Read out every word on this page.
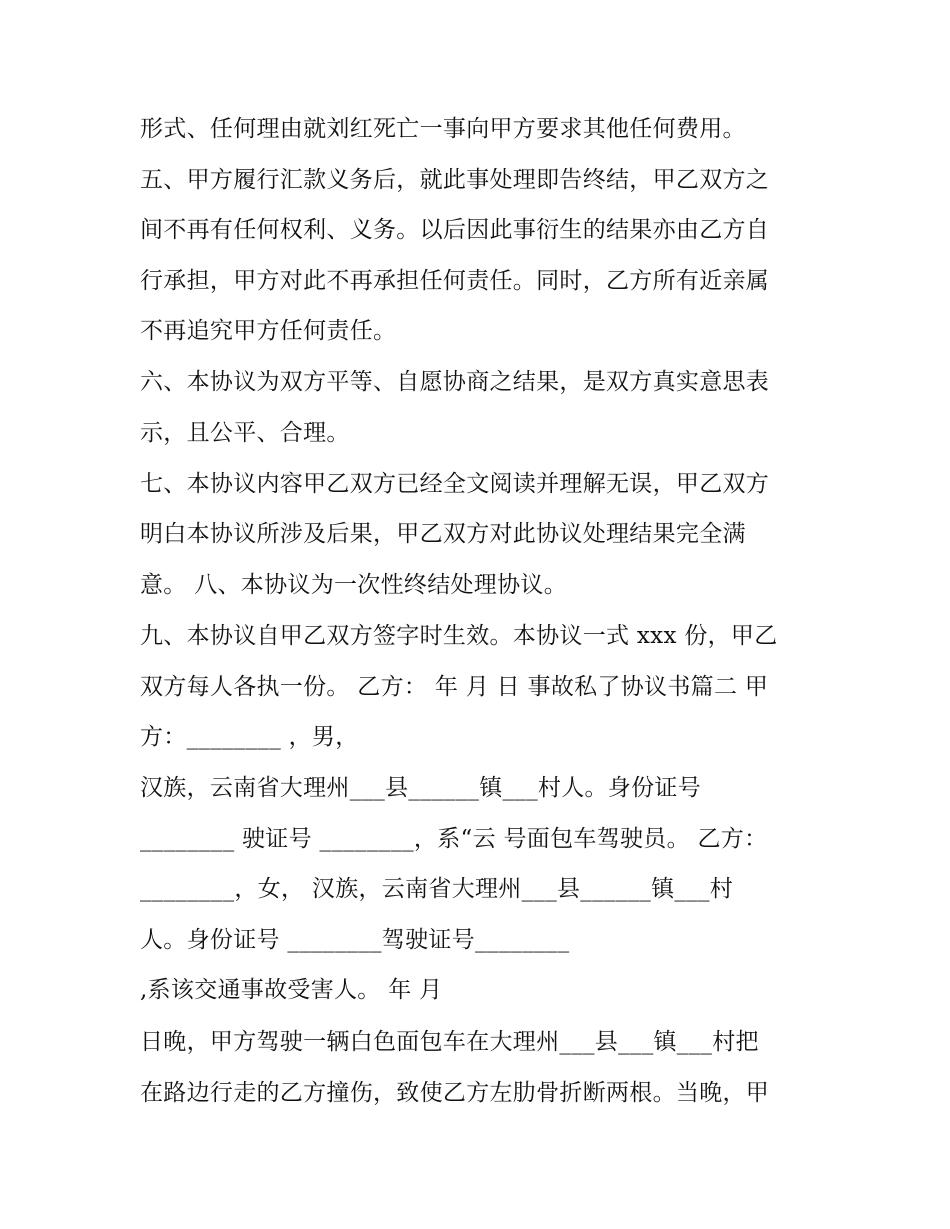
形式、任何理由就刘红死亡一事向甲方要求其他任何费用。

五、甲方履行汇款义务后，就此事处理即告终结，甲乙双方之

间不再有任何权利、义务。以后因此事衍生的结果亦由乙方自

行承担，甲方对此不再承担任何责任。同时，乙方所有近亲属

不再追究甲方任何责任。

六、本协议为双方平等、自愿协商之结果，是双方真实意思表

示，且公平、合理。

七、本协议内容甲乙双方已经全文阅读并理解无误，甲乙双方

明白本协议所涉及后果，甲乙双方对此协议处理结果完全满

意。 八、本协议为一次性终结处理协议。

九、本协议自甲乙双方签字时生效。本协议一式 xxx 份，甲乙

双方每人各执一份。 乙方： 年 月 日 事故私了协议书篇二 甲

方：________ ，男，

汉族，云南省大理州___县______镇___村人。身份证号

________ 驶证号 ________，系“云 号面包车驾驶员。 乙方：

________，女， 汉族，云南省大理州___县______镇___村

人。身份证号 ________驾驶证号________

,系该交通事故受害人。 年 月

日晚，甲方驾驶一辆白色面包车在大理州___县___镇___村把

在路边行走的乙方撞伤，致使乙方左肋骨折断两根。当晚，甲
